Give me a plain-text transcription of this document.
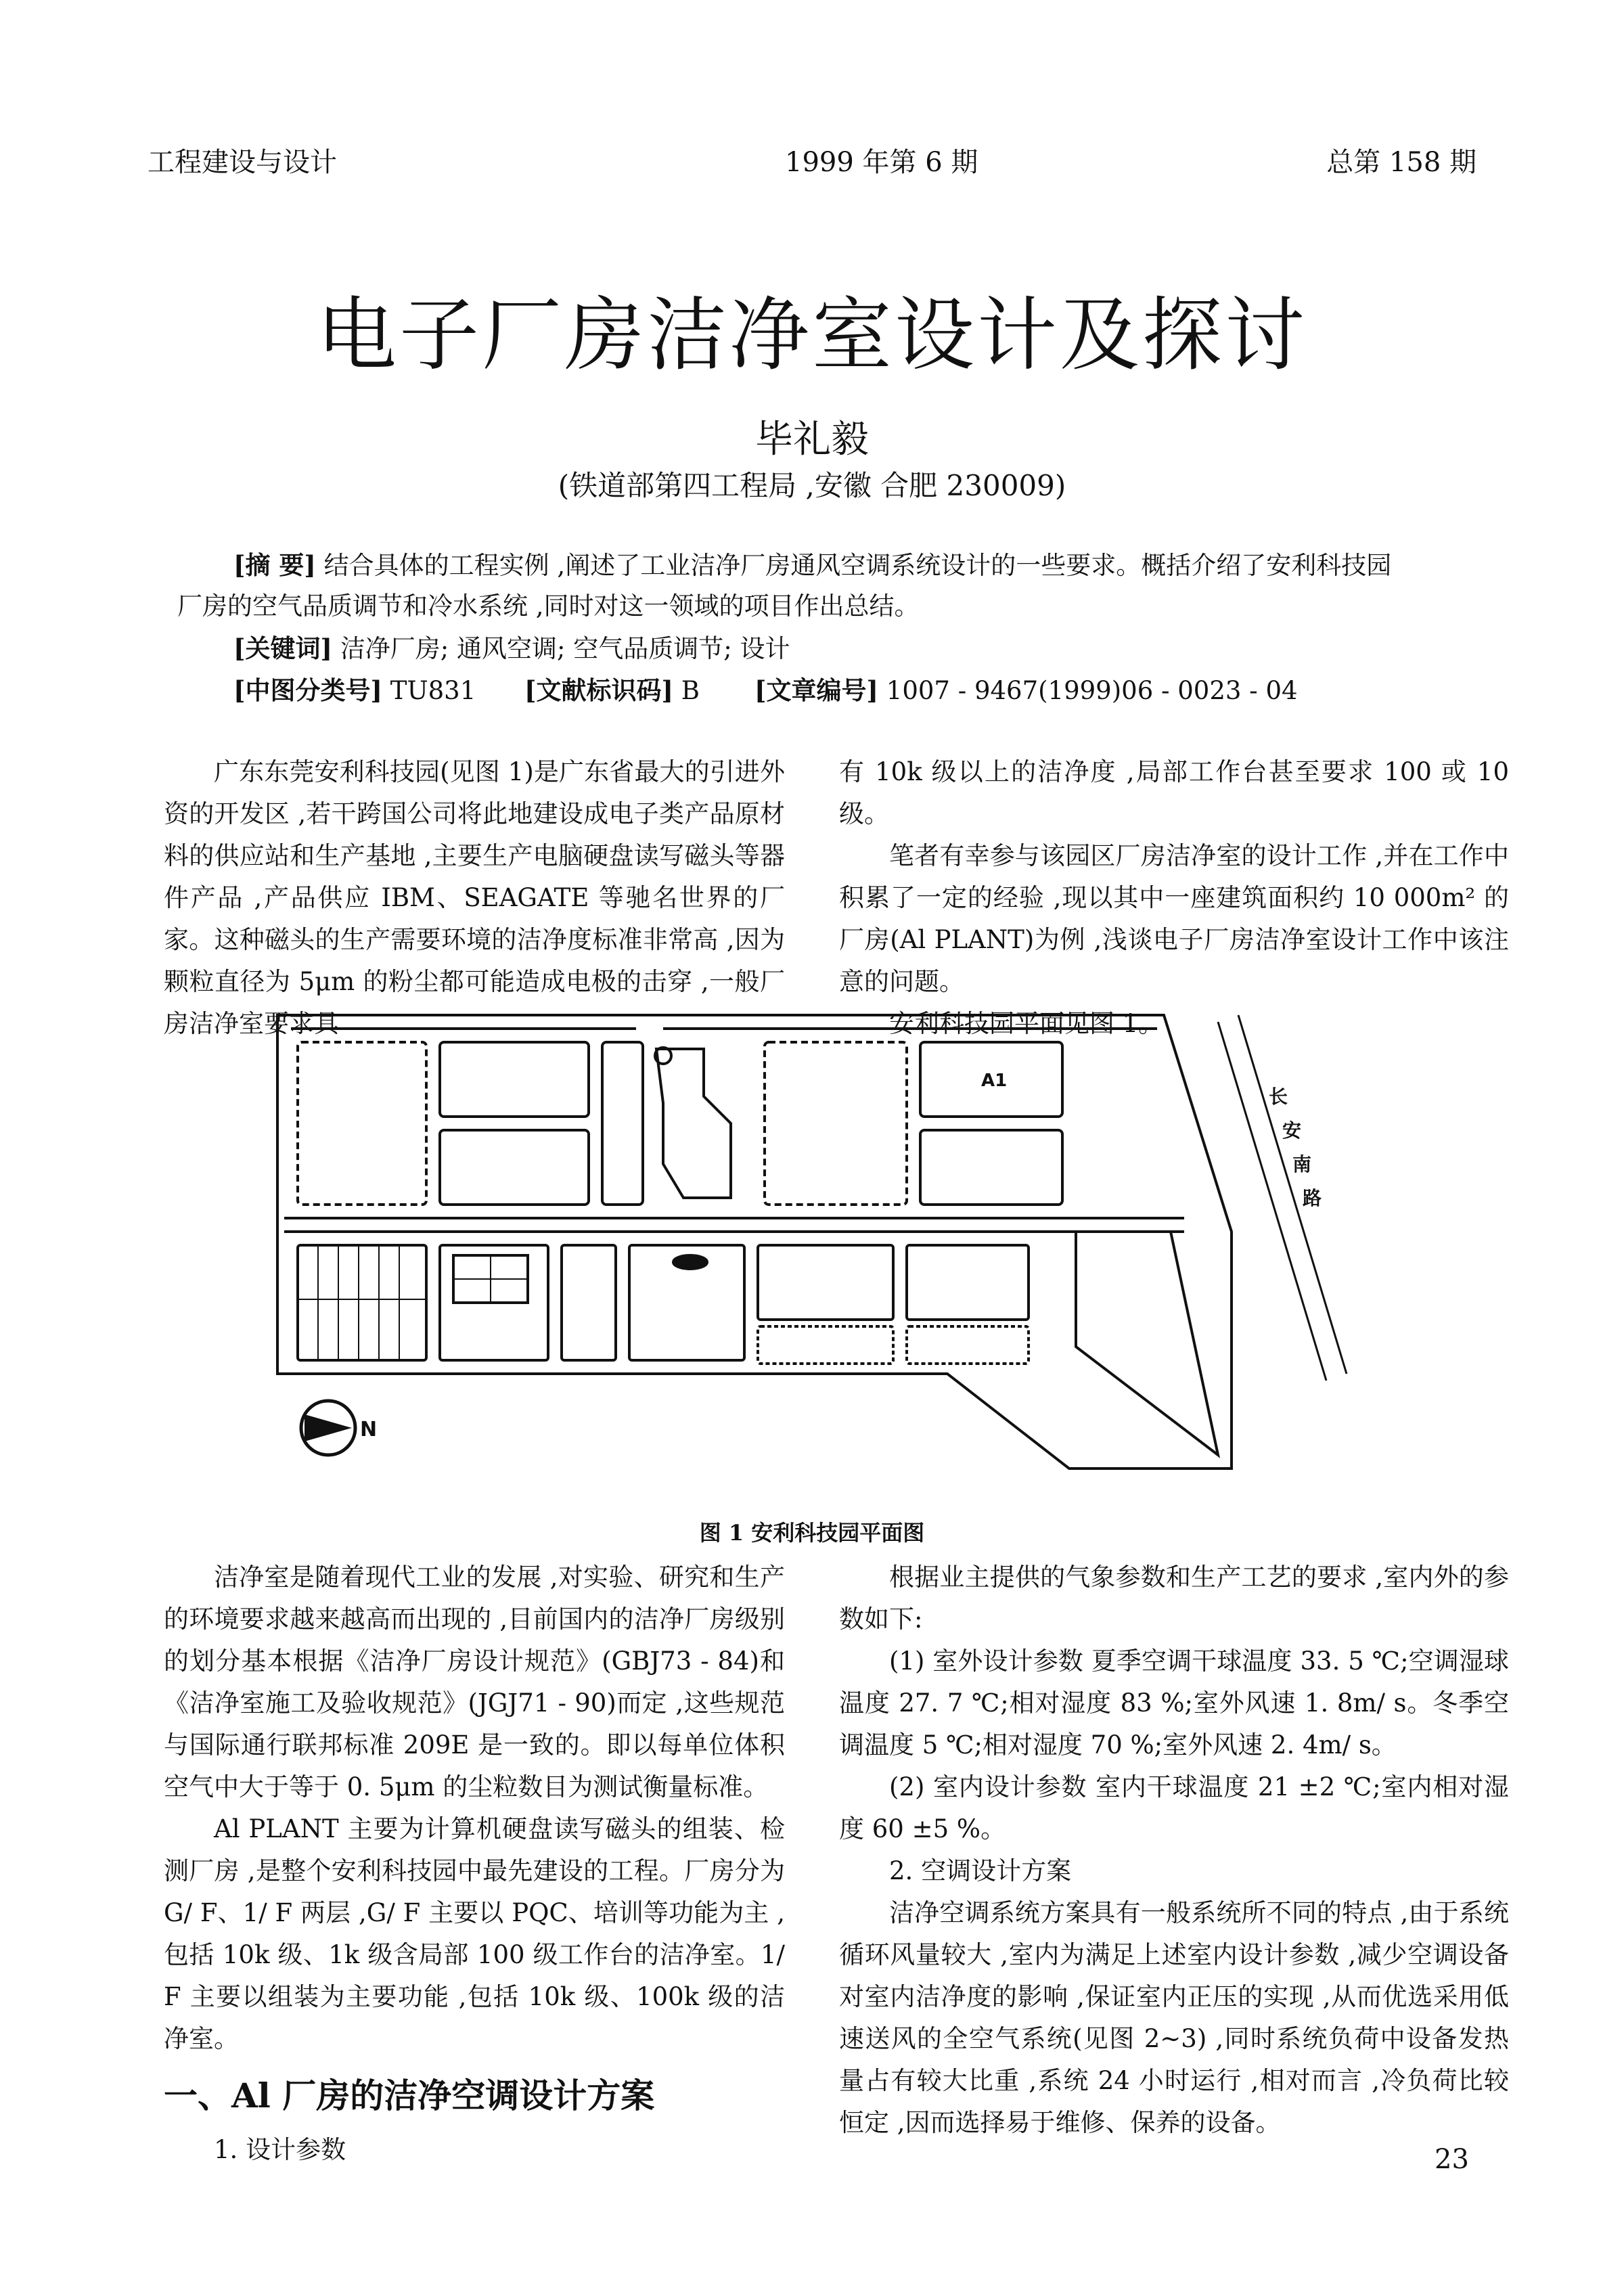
工程建设与设计	1999 年第 6 期	总第 158 期
电子厂房洁净室设计及探讨
毕礼毅
(铁道部第四工程局 ,安徽 合肥 230009)
[摘 要] 结合具体的工程实例 ,阐述了工业洁净厂房通风空调系统设计的一些要求。概括介绍了安利科技园
厂房的空气品质调节和冷水系统 ,同时对这一领域的项目作出总结。
[关键词] 洁净厂房; 通风空调; 空气品质调节; 设计
[中图分类号] TU831 [文献标识码] B [文章编号] 1007 - 9467(1999)06 - 0023 - 04

广东东莞安利科技园(见图 1)是广东省最大的引进外资的开发区 ,若干跨国公司将此地建设成电子类产品原材料的供应站和生产基地 ,主要生产电脑硬盘读写磁头等器件产品 ,产品供应 IBM、SEAGATE 等驰名世界的厂家。这种磁头的生产需要环境的洁净度标准非常高 ,因为颗粒直径为 5μm 的粉尘都可能造成电极的击穿 ,一般厂房洁净室要求具

有 10k 级以上的洁净度 ,局部工作台甚至要求 100 或 10 级。

笔者有幸参与该园区厂房洁净室的设计工作 ,并在工作中积累了一定的经验 ,现以其中一座建筑面积约 10 000m² 的厂房(Al PLANT)为例 ,浅谈电子厂房洁净室设计工作中该注意的问题。

安利科技园平面见图 1。

N
A1
长
安
南
路
图 1 安利科技园平面图

洁净室是随着现代工业的发展 ,对实验、研究和生产的环境要求越来越高而出现的 ,目前国内的洁净厂房级别的划分基本根据《洁净厂房设计规范》(GBJ73 - 84)和《洁净室施工及验收规范》(JGJ71 - 90)而定 ,这些规范与国际通行联邦标准 209E 是一致的。即以每单位体积空气中大于等于 0. 5μm 的尘粒数目为测试衡量标准。

Al PLANT 主要为计算机硬盘读写磁头的组装、检测厂房 ,是整个安利科技园中最先建设的工程。厂房分为 G/ F、1/ F 两层 ,G/ F 主要以 PQC、培训等功能为主 ,包括 10k 级、1k 级含局部 100 级工作台的洁净室。1/ F 主要以组装为主要功能 ,包括 10k 级、100k 级的洁净室。

一、Al 厂房的洁净空调设计方案

1. 设计参数

根据业主提供的气象参数和生产工艺的要求 ,室内外的参数如下:

(1) 室外设计参数 夏季空调干球温度 33. 5 ℃;空调湿球温度 27. 7 ℃;相对湿度 83 %;室外风速 1. 8m/ s。冬季空调温度 5 ℃;相对湿度 70 %;室外风速 2. 4m/ s。

(2) 室内设计参数 室内干球温度 21 ±2 ℃;室内相对湿度 60 ±5 %。

2. 空调设计方案

洁净空调系统方案具有一般系统所不同的特点 ,由于系统循环风量较大 ,室内为满足上述室内设计参数 ,减少空调设备对室内洁净度的影响 ,保证室内正压的实现 ,从而优选采用低速送风的全空气系统(见图 2~3) ,同时系统负荷中设备发热量占有较大比重 ,系统 24 小时运行 ,相对而言 ,冷负荷比较恒定 ,因而选择易于维修、保养的设备。

23
